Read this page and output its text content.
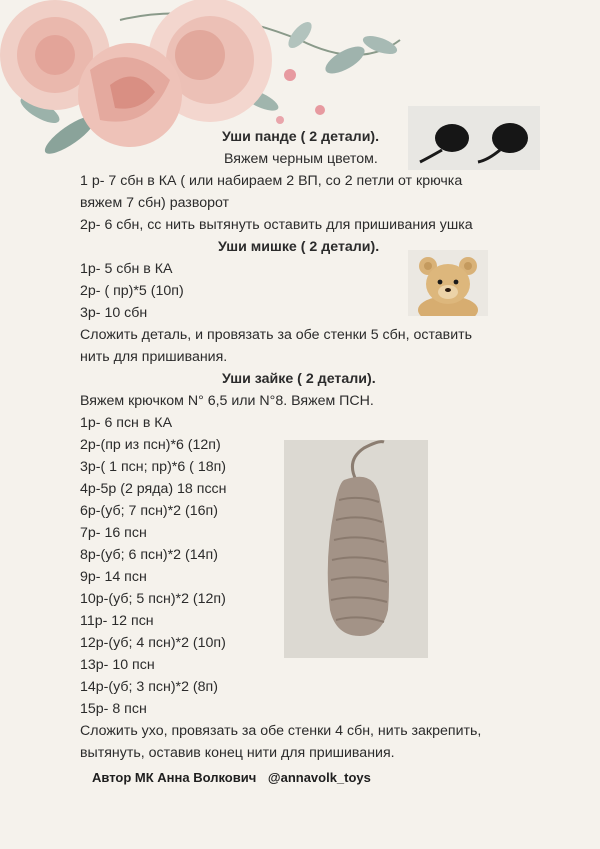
Уши панде ( 2 детали).
Вяжем черным цветом.
1 р- 7 сбн в КА ( или набираем 2 ВП, со 2 петли от крючка
вяжем 7 сбн) разворот
2р- 6 сбн, сс нить вытянуть оставить для пришивания ушка
Уши мишке ( 2 детали).
1р- 5 сбн в КА
2р- ( пр)*5 (10п)
3р- 10 сбн
Сложить деталь, и провязать за обе стенки 5 сбн, оставить
нить для пришивания.
Уши зайке ( 2 детали).
Вяжем крючком N° 6,5 или N°8. Вяжем ПСН.
1р- 6 псн в КА
2р-(пр из псн)*6 (12п)
3р-( 1 псн; пр)*6 ( 18п)
4р-5р (2 ряда) 18 пссн
6р-(уб; 7 псн)*2 (16п)
7р- 16 псн
8р-(уб; 6 псн)*2 (14п)
9р- 14 псн
10р-(уб; 5 псн)*2 (12п)
11р- 12 псн
12р-(уб; 4 псн)*2 (10п)
13р- 10 псн
14р-(уб; 3 псн)*2 (8п)
15р- 8 псн
Сложить ухо, провязать за обе стенки 4 сбн, нить закрепить,
вытянуть, оставив конец нити для пришивания.
Автор МК Анна Волкович @annavolk_toys
